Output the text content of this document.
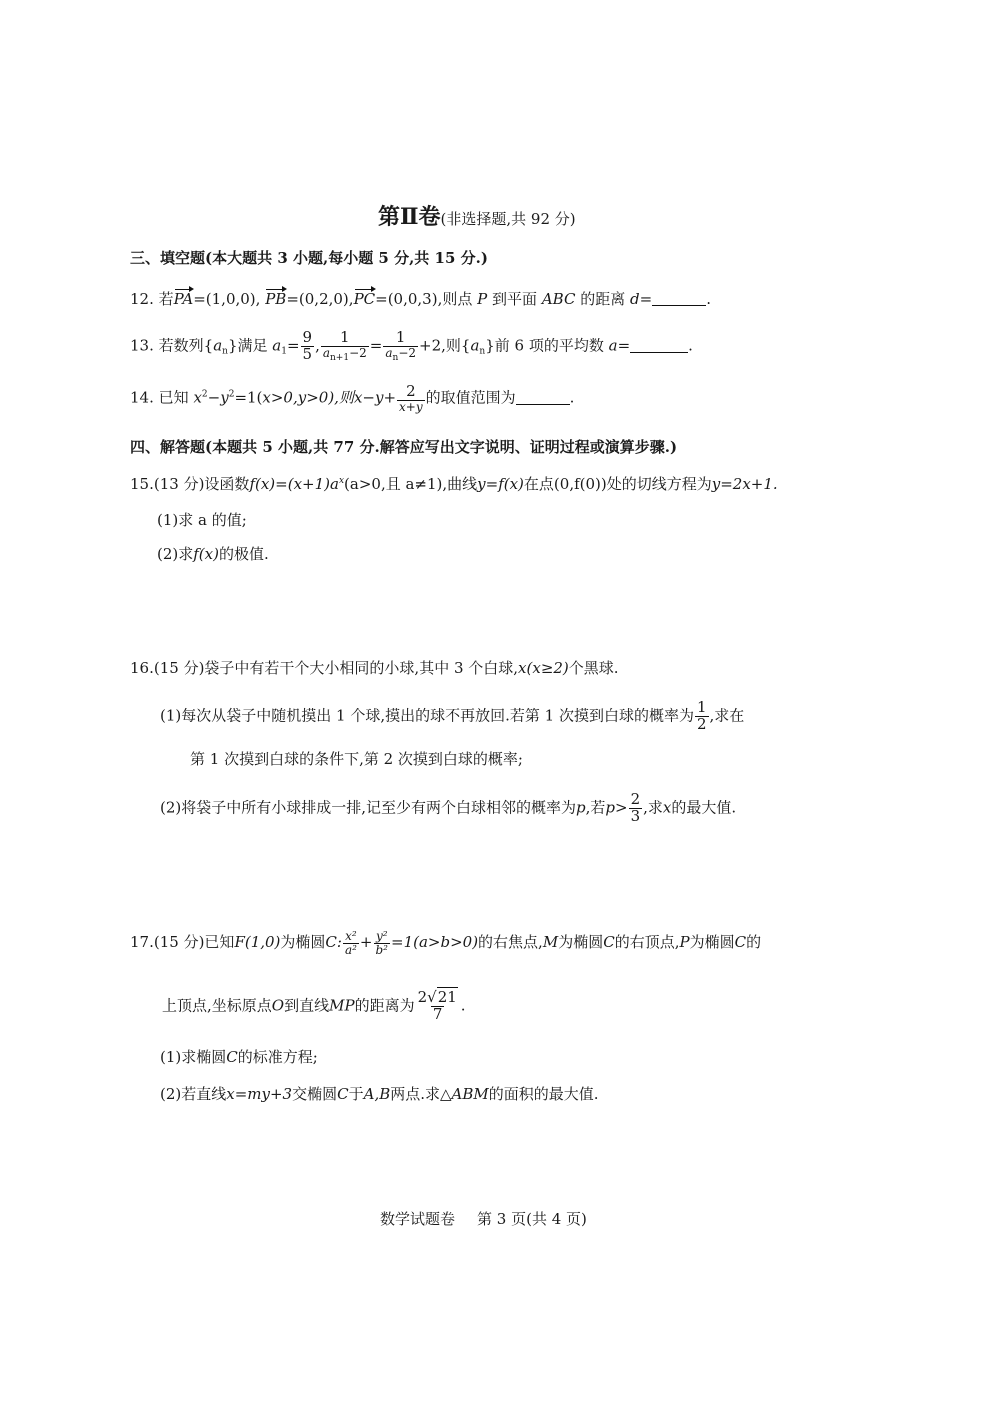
第Ⅱ卷(非选择题,共 92 分)
三、填空题(本大题共 3 小题,每小题 5 分,共 15 分.)
12. 若PA=(1,0,0), PB=(0,2,0),PC=(0,0,3),则点 P 到平面 ABC 的距离 d=	.
13. 若数列$\{a_n\}$满足 $a_1= \frac{9}{5}$ , $\frac{1}{a_{n+1}-2} = \frac{1}{a_n-2} +2$,则$\{a_n\}$前 6 项的平均数 a=	.
14. 已知 $x^2-y^2=1(x>0,y>0)$,则$x-y+ \frac{2}{x+y}$ 的取值范围为	.
四、解答题(本题共 5 小题,共 77 分.解答应写出文字说明、证明过程或演算步骤.)
15.(13 分)设函数$f(x)=(x+1)a^x(a>0$,且 a≠1),曲线y=f(x)在点(0,f(0))处的切线方程为y=2x+1.
(1)求 a 的值;
(2)求f(x)的极值.
16.(15 分)袋子中有若干个大小相同的小球,其中 3 个白球,x(x≥2)个黑球.
(1)每次从袋子中随机摸出 1 个球,摸出的球不再放回.若第 1 次摸到白球的概率为 $\frac{1}{2}$ ,求在
第 1 次摸到白球的条件下,第 2 次摸到白球的概率;
(2)将袋子中所有小球排成一排,记至少有两个白球相邻的概率为p,若$p> \frac{2}{3}$ ,求x的最大值.
17.(15 分)已知F(1,0)为椭圆C: $\frac{\text{x²}}{\text{a²}} + \frac{\text{y²}}{\text{b²}} =1(a>b>0)$的右焦点,M为椭圆C的右顶点,P为椭圆C的
上顶点,坐标原点O到直线MP的距离为 $\frac{2√21}{7}$ .
(1)求椭圆C的标准方程;
(2)若直线x=my+3交椭圆C于A,B两点.求△ABM的面积的最大值.
数学试题卷 第 3 页(共 4 页)
